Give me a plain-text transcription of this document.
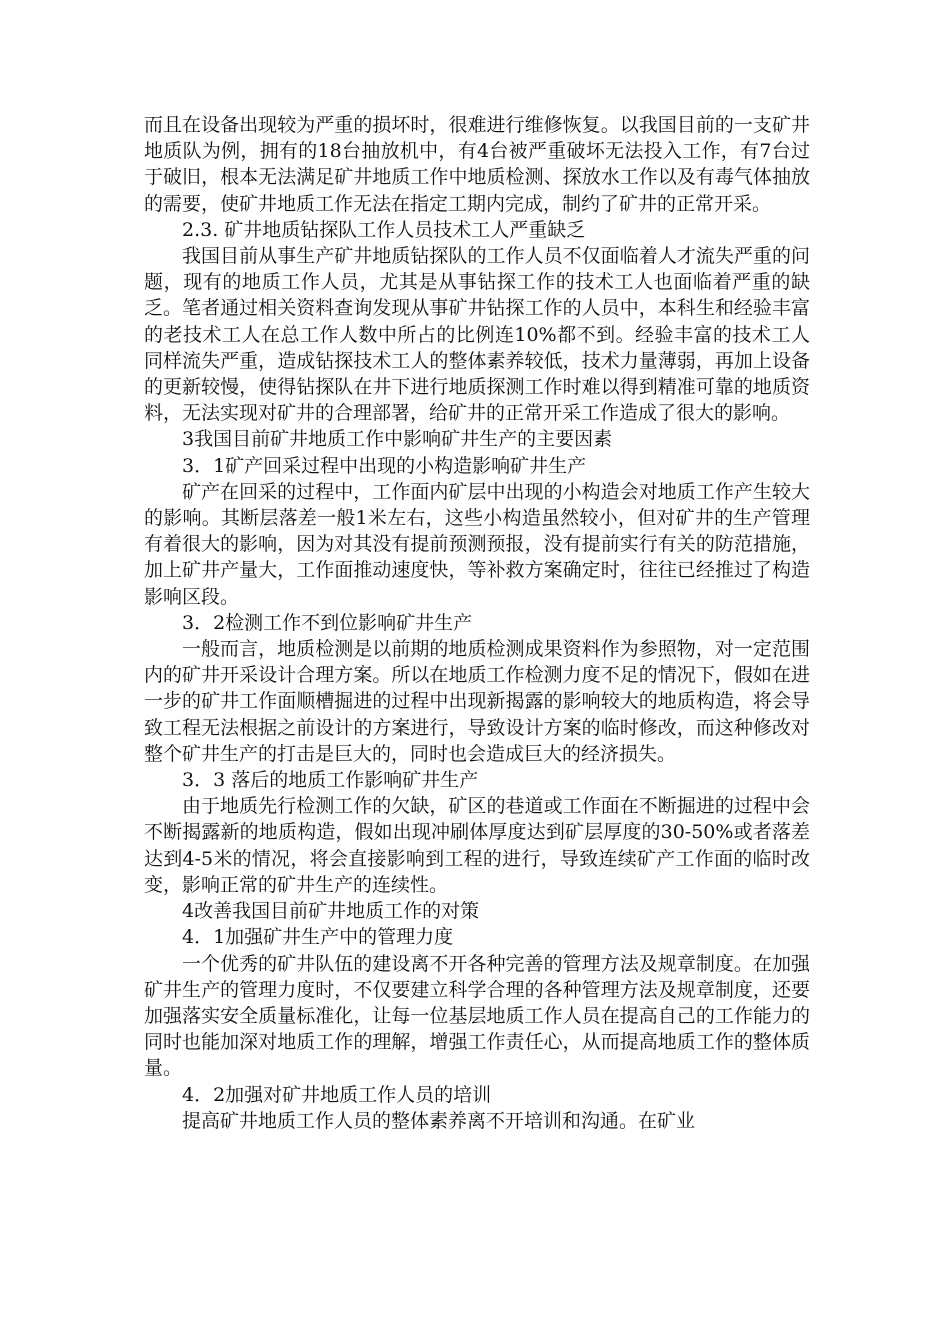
而且在设备出现较为严重的损坏时，很难进行维修恢复。以我国目前的一支矿井地质队为例，拥有的18台抽放机中，有4台被严重破坏无法投入工作，有7台过于破旧，根本无法满足矿井地质工作中地质检测、探放水工作以及有毒气体抽放的需要，使矿井地质工作无法在指定工期内完成，制约了矿井的正常开采。

2.3. 矿井地质钻探队工作人员技术工人严重缺乏

我国目前从事生产矿井地质钻探队的工作人员不仅面临着人才流失严重的问题，现有的地质工作人员，尤其是从事钻探工作的技术工人也面临着严重的缺乏。笔者通过相关资料查询发现从事矿井钻探工作的人员中，本科生和经验丰富的老技术工人在总工作人数中所占的比例连10%都不到。经验丰富的技术工人同样流失严重，造成钻探技术工人的整体素养较低，技术力量薄弱，再加上设备的更新较慢，使得钻探队在井下进行地质探测工作时难以得到精准可靠的地质资料，无法实现对矿井的合理部署，给矿井的正常开采工作造成了很大的影响。

3我国目前矿井地质工作中影响矿井生产的主要因素

3．1矿产回采过程中出现的小构造影响矿井生产

矿产在回采的过程中，工作面内矿层中出现的小构造会对地质工作产生较大的影响。其断层落差一般1米左右，这些小构造虽然较小，但对矿井的生产管理有着很大的影响，因为对其没有提前预测预报，没有提前实行有关的防范措施，加上矿井产量大，工作面推动速度快，等补救方案确定时，往往已经推过了构造影响区段。

3．2检测工作不到位影响矿井生产

一般而言，地质检测是以前期的地质检测成果资料作为参照物，对一定范围内的矿井开采设计合理方案。所以在地质工作检测力度不足的情况下，假如在进一步的矿井工作面顺槽掘进的过程中出现新揭露的影响较大的地质构造，将会导致工程无法根据之前设计的方案进行，导致设计方案的临时修改，而这种修改对整个矿井生产的打击是巨大的，同时也会造成巨大的经济损失。

3．3 落后的地质工作影响矿井生产

由于地质先行检测工作的欠缺，矿区的巷道或工作面在不断掘进的过程中会不断揭露新的地质构造，假如出现冲刷体厚度达到矿层厚度的30-50%或者落差达到4-5米的情况，将会直接影响到工程的进行，导致连续矿产工作面的临时改变，影响正常的矿井生产的连续性。

4改善我国目前矿井地质工作的对策

4．1加强矿井生产中的管理力度

一个优秀的矿井队伍的建设离不开各种完善的管理方法及规章制度。在加强矿井生产的管理力度时，不仅要建立科学合理的各种管理方法及规章制度，还要加强落实安全质量标准化，让每一位基层地质工作人员在提高自己的工作能力的同时也能加深对地质工作的理解，增强工作责任心，从而提高地质工作的整体质量。

4．2加强对矿井地质工作人员的培训

提高矿井地质工作人员的整体素养离不开培训和沟通。在矿业
